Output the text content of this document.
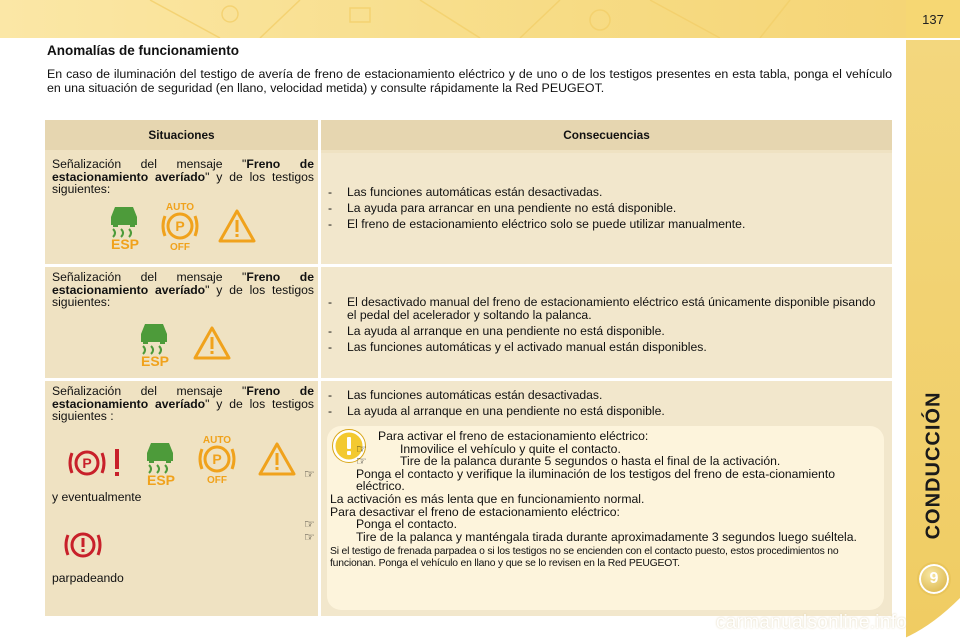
137
CONDUCCIÓN
9
Anomalías de funcionamiento

En caso de iluminación del testigo de avería de freno de estacionamiento eléctrico y de uno o de los testigos presentes en esta tabla, ponga el vehículo en una situación de seguridad (en llano, velocidad metida) y consulte rápidamente la Red PEUGEOT.

Situaciones	Consecuencias

Señalización del mensaje "Freno de estacionamiento averíado" y de los testigos siguientes:

ESP
AUTO
P
OFF
- Las funciones automáticas están desactivadas.
- La ayuda para arrancar en una pendiente no está disponible.
- El freno de estacionamiento eléctrico solo se puede utilizar manualmente.

Señalización del mensaje "Freno de estacionamiento averíado" y de los testigos siguientes:

ESP
- El desactivado manual del freno de estacionamiento eléctrico está únicamente disponible pisando el pedal del acelerador y soltando la palanca.
- La ayuda al arranque en una pendiente no está disponible.
- Las funciones automáticas y el activado manual están disponibles.

Señalización del mensaje "Freno de estacionamiento averíado" y de los testigos siguientes :

P
ESP
AUTO
P
OFF
y eventualmente
parpadeando
- Las funciones automáticas están desactivadas.
- La ayuda al arranque en una pendiente no está disponible.

Para activar el freno de estacionamiento eléctrico:

☞	Inmovilice el vehículo y quite el contacto.

☞	Tire de la palanca durante 5 segundos o hasta el final de la activación.

☞	Ponga el contacto y verifique la iluminación de los testigos del freno de esta-cionamiento eléctrico.

La activación es más lenta que en funcionamiento normal.

Para desactivar el freno de estacionamiento eléctrico:

☞	Ponga el contacto.

☞	Tire de la palanca y manténgala tirada durante aproximadamente 3 segundos luego suéltela.

Si el testigo de frenada parpadea o si los testigos no se encienden con el contacto puesto, estos procedimientos no funcionan. Ponga el vehículo en llano y que se lo revisen en la Red PEUGEOT.

carmanualsonline.info
